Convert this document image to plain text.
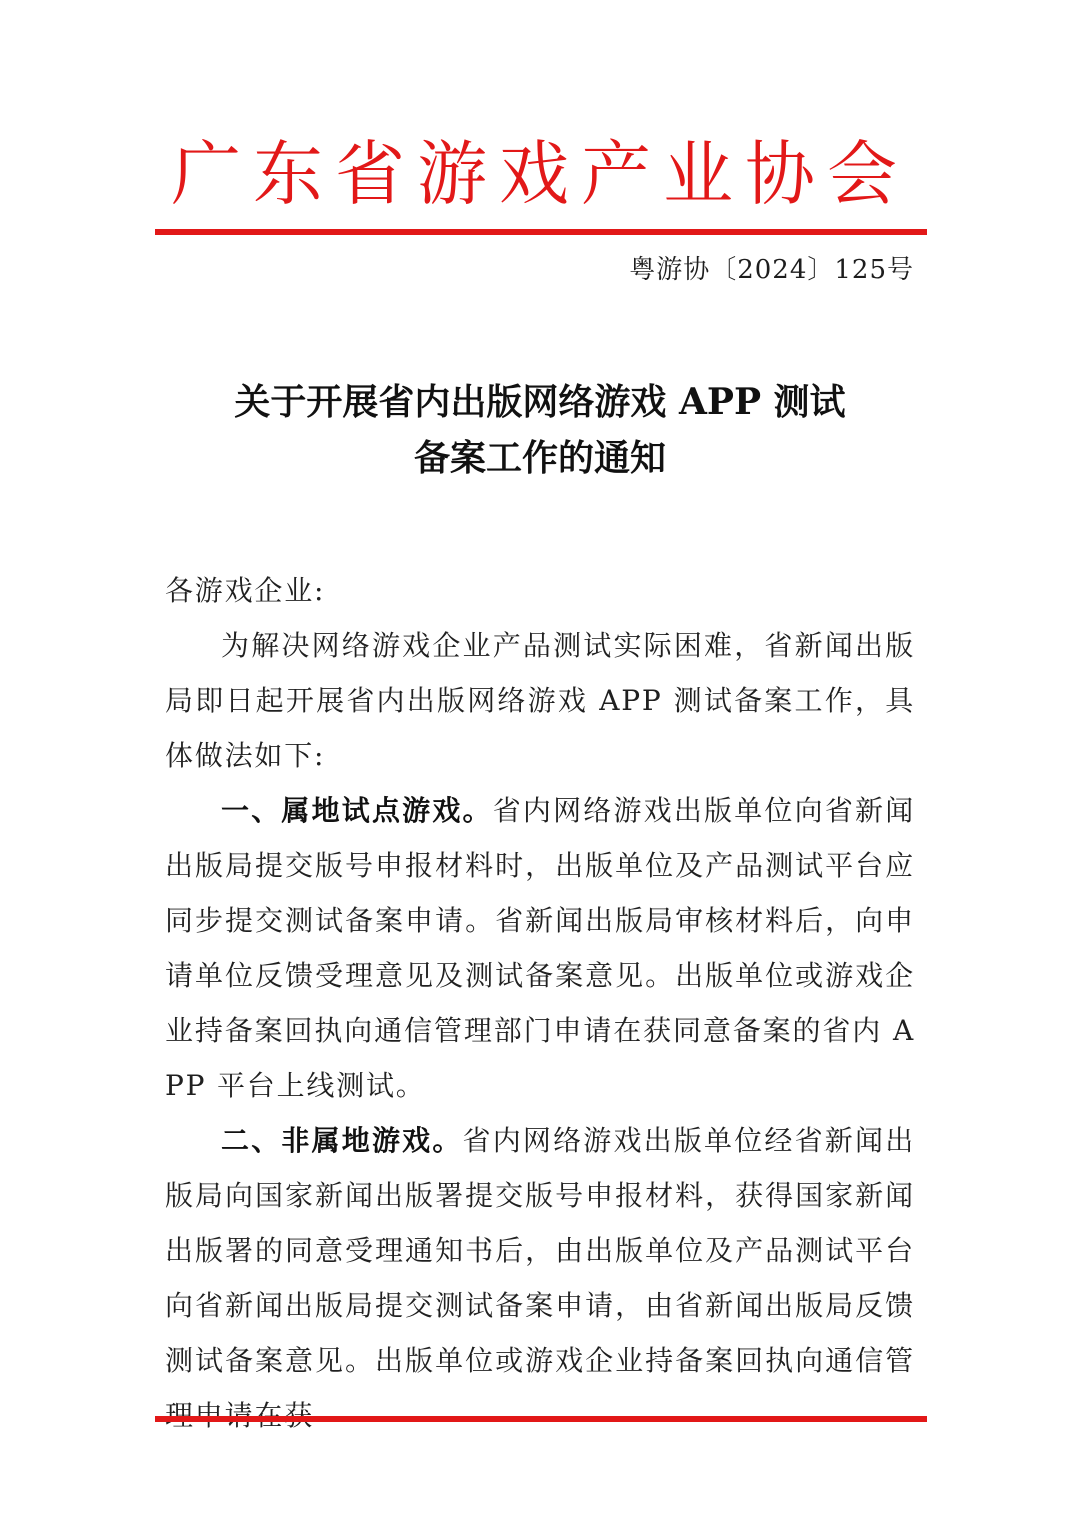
广东省游戏产业协会
粤游协〔2024〕125号
关于开展省内出版网络游戏 APP 测试
备案工作的通知

各游戏企业:

为解决网络游戏企业产品测试实际困难，省新闻出版局即日起开展省内出版网络游戏 APP 测试备案工作，具体做法如下:

一、属地试点游戏。省内网络游戏出版单位向省新闻出版局提交版号申报材料时，出版单位及产品测试平台应同步提交测试备案申请。省新闻出版局审核材料后，向申请单位反馈受理意见及测试备案意见。出版单位或游戏企业持备案回执向通信管理部门申请在获同意备案的省内 APP 平台上线测试。

二、非属地游戏。省内网络游戏出版单位经省新闻出版局向国家新闻出版署提交版号申报材料，获得国家新闻出版署的同意受理通知书后，由出版单位及产品测试平台向省新闻出版局提交测试备案申请，由省新闻出版局反馈测试备案意见。出版单位或游戏企业持备案回执向通信管
